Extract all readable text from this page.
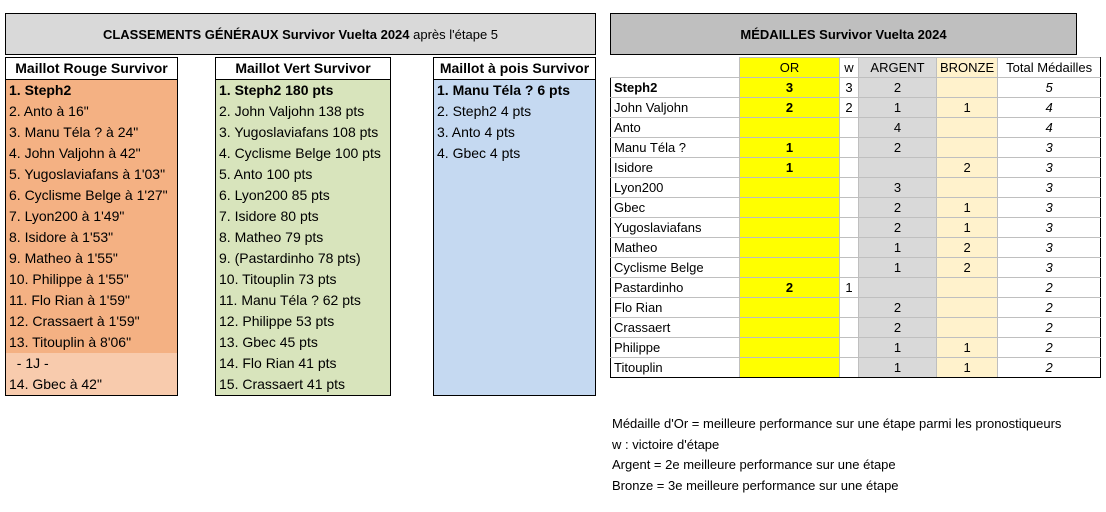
CLASSEMENTS GÉNÉRAUX Survivor Vuelta 2024 après l'étape 5	MÉDAILLES Survivor Vuelta 2024
Maillot Rouge Survivor
1. Steph2
2. Anto à 16"
3. Manu Téla ? à 24"
4. John Valjohn à 42"
5. Yugoslaviafans à 1'03"
6. Cyclisme Belge à 1'27"
7. Lyon200 à 1'49"
8. Isidore à 1'53"
9. Matheo à 1'55"
10. Philippe à 1'55"
11. Flo Rian à 1'59"
12. Crassaert à 1'59"
13. Titouplin à 8'06"
- 1J -
14. Gbec à 42"
Maillot Vert Survivor
1. Steph2 180 pts
2. John Valjohn 138 pts
3. Yugoslaviafans 108 pts
4. Cyclisme Belge 100 pts
5. Anto 100 pts
6. Lyon200 85 pts
7. Isidore 80 pts
8. Matheo 79 pts
9. (Pastardinho 78 pts)
10. Titouplin 73 pts
11. Manu Téla ? 62 pts
12. Philippe 53 pts
13. Gbec 45 pts
14. Flo Rian 41 pts
15. Crassaert 41 pts
Maillot à pois Survivor
1. Manu Téla ? 6 pts
2. Steph2 4 pts
3. Anto 4 pts
4. Gbec 4 pts
	OR	w	ARGENT	BRONZE	Total Médailles
Steph2	3	3	2		5
John Valjohn	2	2	1	1	4
Anto			4		4
Manu Téla ?	1		2		3
Isidore	1			2	3
Lyon200			3		3
Gbec			2	1	3
Yugoslaviafans			2	1	3
Matheo			1	2	3
Cyclisme Belge			1	2	3
Pastardinho	2	1			2
Flo Rian			2		2
Crassaert			2		2
Philippe			1	1	2
Titouplin			1	1	2
Médaille d'Or = meilleure performance sur une étape parmi les pronostiqueurs
w : victoire d'étape
Argent = 2e meilleure performance sur une étape
Bronze = 3e meilleure performance sur une étape
